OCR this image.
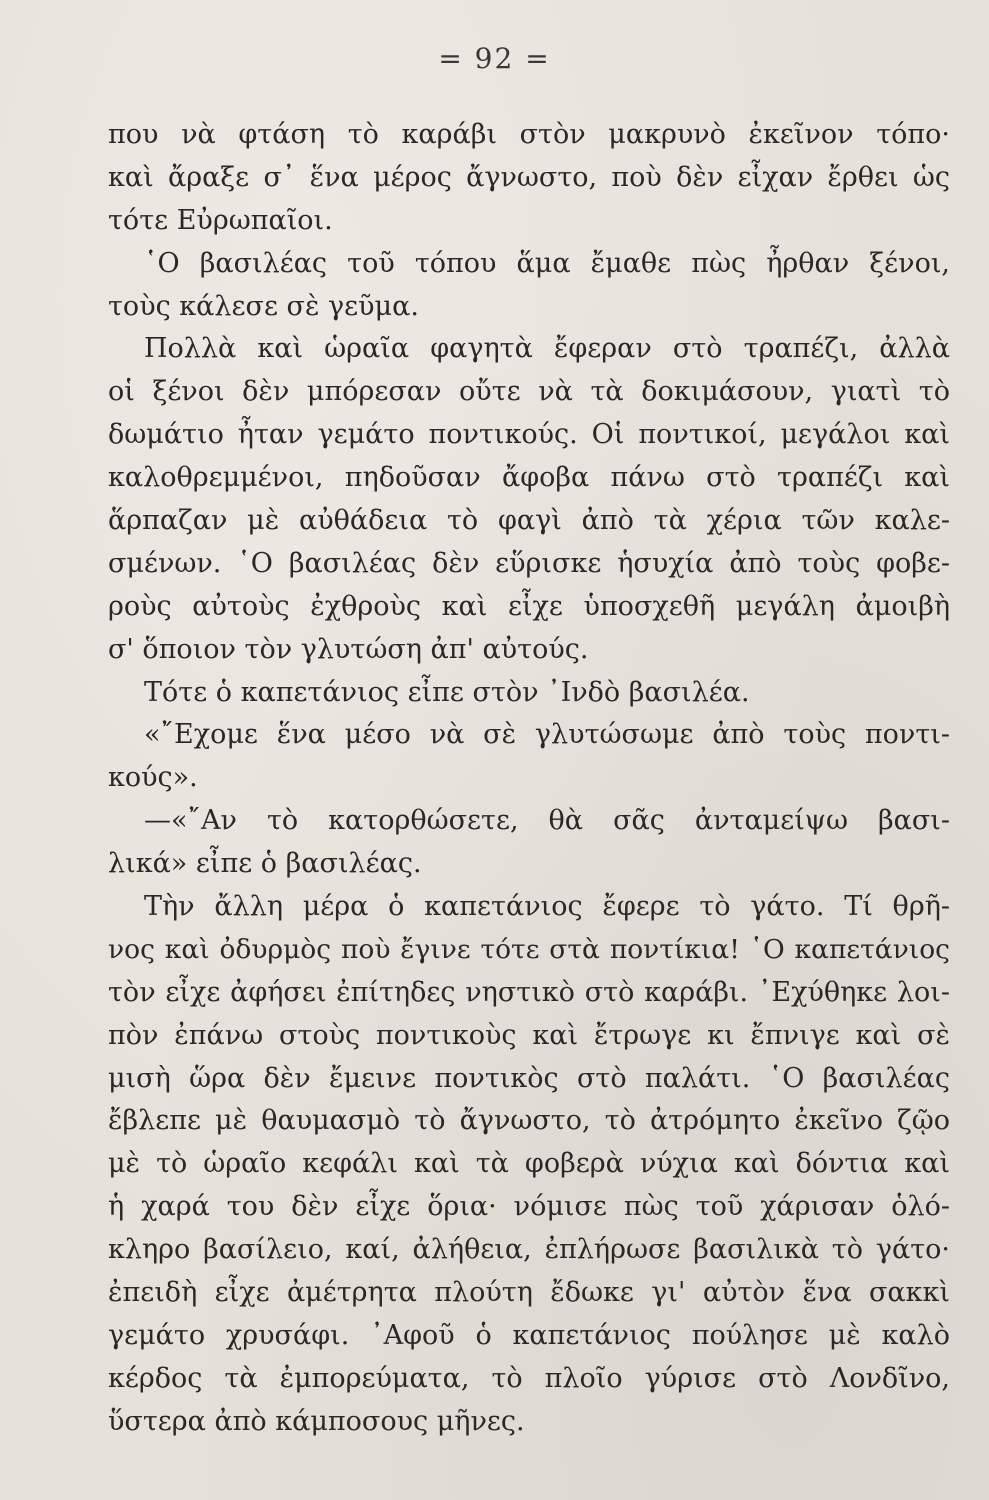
= 92 =
που νὰ φτάση τὸ καράβι στὸν μακρυνὸ ἐκεῖνον τόπο·
καὶ ἄραξε σ᾽ ἕνα μέρος ἄγνωστο, ποὺ δὲν εἶχαν ἔρθει ὡς
τότε Εὐρωπαῖοι.
῾Ο βασιλέας τοῦ τόπου ἅμα ἔμαθε πὼς ἦρθαν ξένοι,
τοὺς κάλεσε σὲ γεῦμα.
Πολλὰ καὶ ὡραῖα φαγητὰ ἔφεραν στὸ τραπέζι, ἀλλὰ
οἱ ξένοι δὲν μπόρεσαν οὔτε νὰ τὰ δοκιμάσουν, γιατὶ τὸ
δωμάτιο ἦταν γεμάτο ποντικούς. Οἱ ποντικοί, μεγάλοι καὶ
καλοθρεμμένοι, πηδοῦσαν ἄφοβα πάνω στὸ τραπέζι καὶ
ἅρπαζαν μὲ αὐθάδεια τὸ φαγὶ ἀπὸ τὰ χέρια τῶν καλε-
σμένων. ῾Ο βασιλέας δὲν εὕρισκε ἡσυχία ἀπὸ τοὺς φοβε-
ροὺς αὐτοὺς ἐχθροὺς καὶ εἶχε ὑποσχεθῆ μεγάλη ἀμοιβὴ
σ' ὅποιον τὸν γλυτώση ἀπ' αὐτούς.
Τότε ὁ καπετάνιος εἶπε στὸν ᾿Ινδὸ βασιλέα.
«῎Εχομε ἕνα μέσο νὰ σὲ γλυτώσωμε ἀπὸ τοὺς ποντι-
κούς».
—«῎Αν τὸ κατορθώσετε, θὰ σᾶς ἀνταμείψω βασι-
λικά» εἶπε ὁ βασιλέας.
Τὴν ἄλλη μέρα ὁ καπετάνιος ἔφερε τὸ γάτο. Τί θρῆ-
νος καὶ ὀδυρμὸς ποὺ ἔγινε τότε στὰ ποντίκια! ῾Ο καπετάνιος
τὸν εἶχε ἀφήσει ἐπίτηδες νηστικὸ στὸ καράβι. ᾿Εχύθηκε λοι-
πὸν ἐπάνω στοὺς ποντικοὺς καὶ ἔτρωγε κι ἔπνιγε καὶ σὲ
μισὴ ὥρα δὲν ἔμεινε ποντικὸς στὸ παλάτι. ῾Ο βασιλέας
ἔβλεπε μὲ θαυμασμὸ τὸ ἄγνωστο, τὸ ἀτρόμητο ἐκεῖνο ζῷο
μὲ τὸ ὡραῖο κεφάλι καὶ τὰ φοβερὰ νύχια καὶ δόντια καὶ
ἡ χαρά του δὲν εἶχε ὅρια· νόμισε πὼς τοῦ χάρισαν ὁλό-
κληρο βασίλειο, καί, ἀλήθεια, ἐπλήρωσε βασιλικὰ τὸ γάτο·
ἐπειδὴ εἶχε ἀμέτρητα πλούτη ἔδωκε γι' αὐτὸν ἕνα σακκὶ
γεμάτο χρυσάφι. ᾿Αφοῦ ὁ καπετάνιος πούλησε μὲ καλὸ
κέρδος τὰ ἐμπορεύματα, τὸ πλοῖο γύρισε στὸ Λονδῖνο,
ὕστερα ἀπὸ κάμποσους μῆνες.
